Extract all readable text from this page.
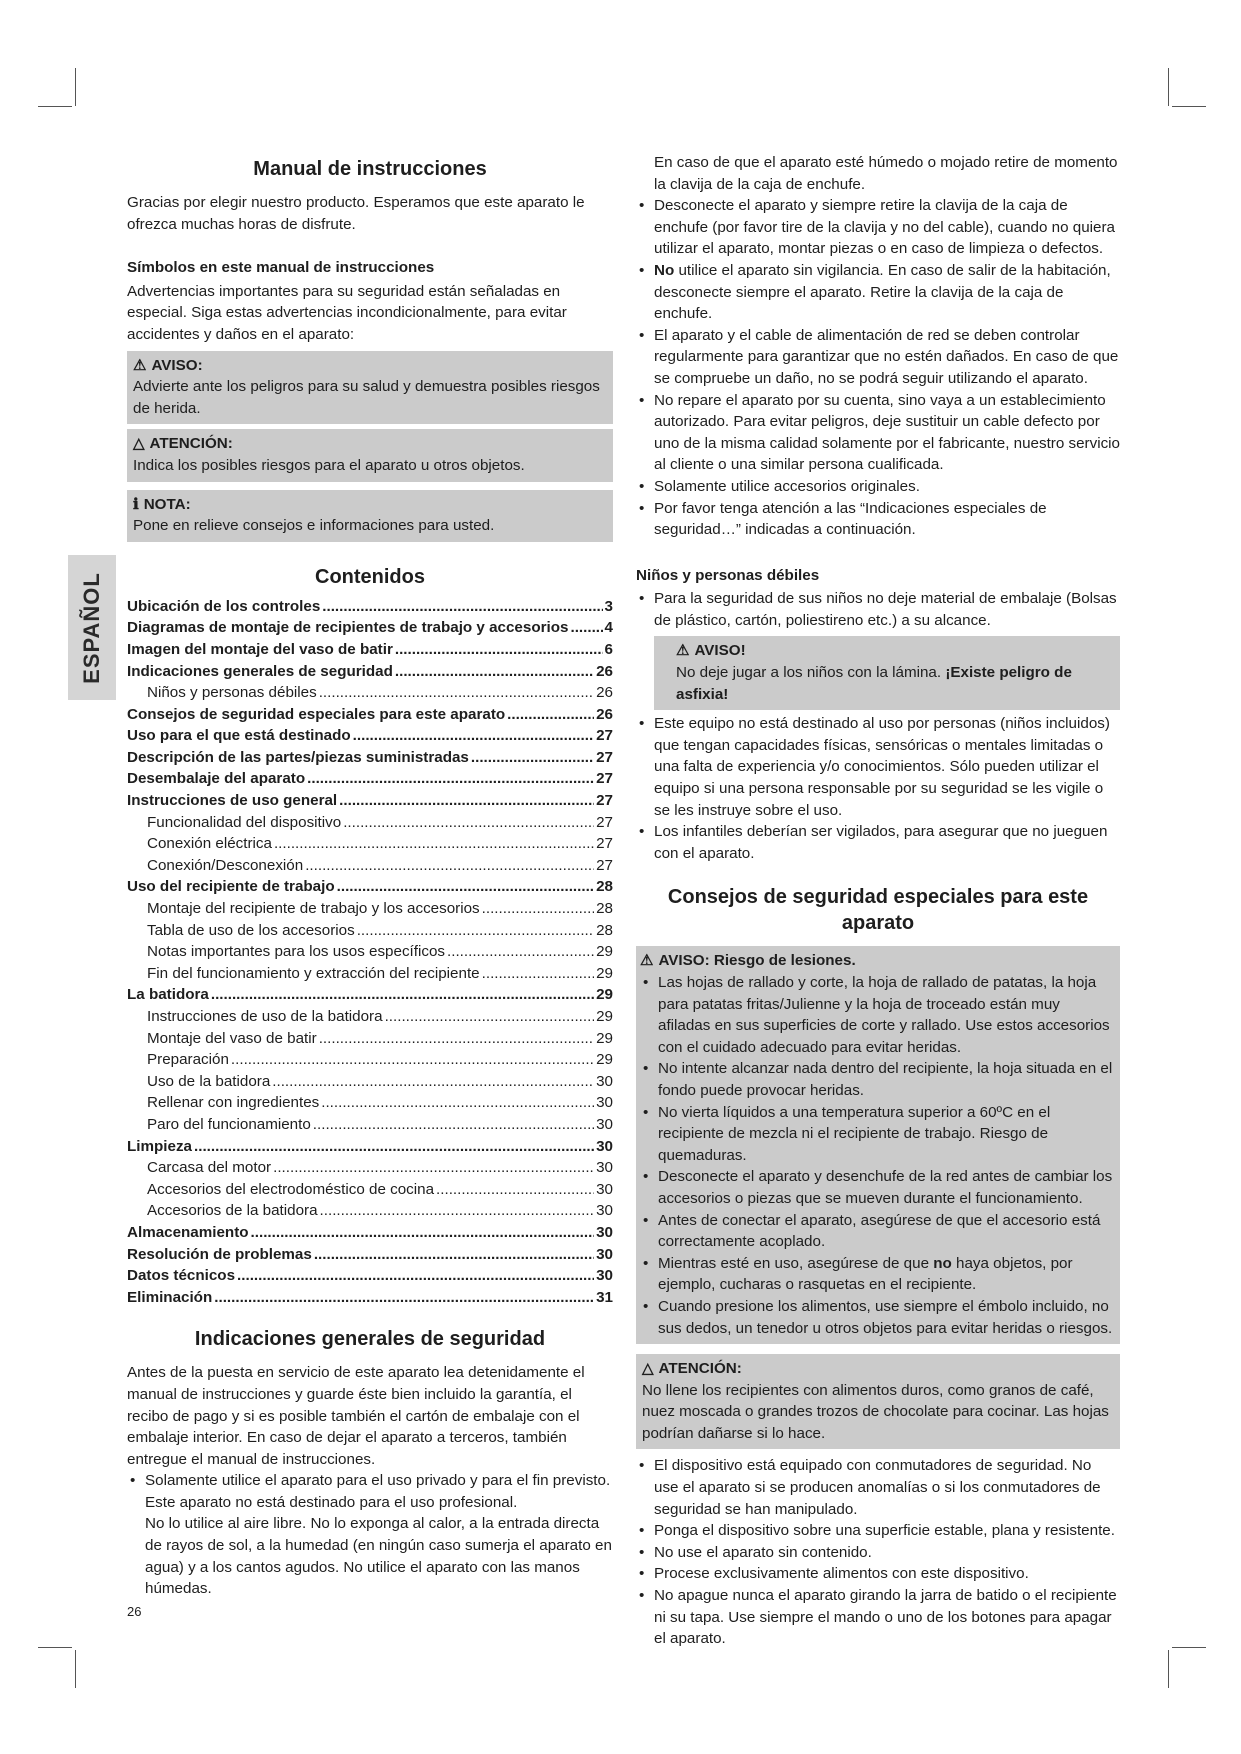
ESPAÑOL
Manual de instrucciones

Gracias por elegir nuestro producto. Esperamos que este aparato le ofrezca muchas horas de disfrute.

Símbolos en este manual de instrucciones

Advertencias importantes para su seguridad están señaladas en especial. Siga estas advertencias incondicionalmente, para evitar accidentes y daños en el aparato:

⚠ AVISO:

Advierte ante los peligros para su salud y demuestra posibles riesgos de herida.

△ ATENCIÓN:

Indica los posibles riesgos para el aparato u otros objetos.

ℹ NOTA:

Pone en relieve consejos e informaciones para usted.

Contenidos
Ubicación de los controles .....	3
Diagramas de montaje de recipientes de trabajo y accesorios ..... 4
Imagen del montaje del vaso de batir .....	6
Indicaciones generales de seguridad .....	26
Niños y personas débiles .....	26
Consejos de seguridad especiales para este aparato .....	26
Uso para el que está destinado .....	27
Descripción de las partes/piezas suministradas .....	27
Desembalaje del aparato .....	27
Instrucciones de uso general .....	27
Funcionalidad del dispositivo .....	27
Conexión eléctrica .....	27
Conexión/Desconexión .....	27
Uso del recipiente de trabajo .....	28
Montaje del recipiente de trabajo y los accesorios .....	28
Tabla de uso de los accesorios .....	28
Notas importantes para los usos específicos .....	29
Fin del funcionamiento y extracción del recipiente .....	29
La batidora .....	29
Instrucciones de uso de la batidora .....	29
Montaje del vaso de batir .....	29
Preparación .....	29
Uso de la batidora .....	30
Rellenar con ingredientes .....	30
Paro del funcionamiento .....	30
Limpieza .....	30
Carcasa del motor .....	30
Accesorios del electrodoméstico de cocina .....	30
Accesorios de la batidora .....	30
Almacenamiento .....	30
Resolución de problemas .....	30
Datos técnicos .....	30
Eliminación .....	31
Indicaciones generales de seguridad

Antes de la puesta en servicio de este aparato lea detenidamente el manual de instrucciones y guarde éste bien incluido la garantía, el recibo de pago y si es posible también el cartón de embalaje con el embalaje interior. En caso de dejar el aparato a terceros, también entregue el manual de instrucciones.

• Solamente utilice el aparato para el uso privado y para el fin previsto.
Este aparato no está destinado para el uso profesional.
No lo utilice al aire libre. No lo exponga al calor, a la entrada directa de rayos de sol, a la humedad (en ningún caso sumerja el aparato en agua) y a los cantos agudos. No utilice el aparato con las manos húmedas.

En caso de que el aparato esté húmedo o mojado retire de momento la clavija de la caja de enchufe.

• Desconecte el aparato y siempre retire la clavija de la caja de enchufe (por favor tire de la clavija y no del cable), cuando no quiera utilizar el aparato, montar piezas o en caso de limpieza o defectos.
• No utilice el aparato sin vigilancia. En caso de salir de la habitación, desconecte siempre el aparato. Retire la clavija de la caja de enchufe.
• El aparato y el cable de alimentación de red se deben controlar regularmente para garantizar que no estén dañados. En caso de que se compruebe un daño, no se podrá seguir utilizando el aparato.
• No repare el aparato por su cuenta, sino vaya a un establecimiento autorizado. Para evitar peligros, deje sustituir un cable defecto por uno de la misma calidad solamente por el fabricante, nuestro servicio al cliente o una similar persona cualificada.
• Solamente utilice accesorios originales.
• Por favor tenga atención a las “Indicaciones especiales de seguridad…” indicadas a continuación.
Niños y personas débiles
• Para la seguridad de sus niños no deje material de embalaje (Bolsas de plástico, cartón, poliestireno etc.) a su alcance.
⚠ AVISO!

No deje jugar a los niños con la lámina. ¡Existe peligro de asfixia!

• Este equipo no está destinado al uso por personas (niños incluidos) que tengan capacidades físicas, sensóricas o mentales limitadas o una falta de experiencia y/o conocimientos. Sólo pueden utilizar el equipo si una persona responsable por su seguridad se les vigile o se les instruye sobre el uso.
• Los infantiles deberían ser vigilados, para asegurar que no jueguen con el aparato.
Consejos de seguridad especiales para este aparato
⚠ AVISO: Riesgo de lesiones.
• Las hojas de rallado y corte, la hoja de rallado de patatas, la hoja para patatas fritas/Julienne y la hoja de troceado están muy afiladas en sus superficies de corte y rallado. Use estos accesorios con el cuidado adecuado para evitar heridas.
• No intente alcanzar nada dentro del recipiente, la hoja situada en el fondo puede provocar heridas.
• No vierta líquidos a una temperatura superior a 60ºC en el recipiente de mezcla ni el recipiente de trabajo. Riesgo de quemaduras.
• Desconecte el aparato y desenchufe de la red antes de cambiar los accesorios o piezas que se mueven durante el funcionamiento.
• Antes de conectar el aparato, asegúrese de que el accesorio está correctamente acoplado.
• Mientras esté en uso, asegúrese de que no haya objetos, por ejemplo, cucharas o rasquetas en el recipiente.
• Cuando presione los alimentos, use siempre el émbolo incluido, no sus dedos, un tenedor u otros objetos para evitar heridas o riesgos.
△ ATENCIÓN:

No llene los recipientes con alimentos duros, como granos de café, nuez moscada o grandes trozos de chocolate para cocinar. Las hojas podrían dañarse si lo hace.

• El dispositivo está equipado con conmutadores de seguridad. No use el aparato si se producen anomalías o si los conmutadores de seguridad se han manipulado.
• Ponga el dispositivo sobre una superficie estable, plana y resistente.
• No use el aparato sin contenido.
• Procese exclusivamente alimentos con este dispositivo.
• No apague nunca el aparato girando la jarra de batido o el recipiente ni su tapa. Use siempre el mando o uno de los botones para apagar el aparato.
26
